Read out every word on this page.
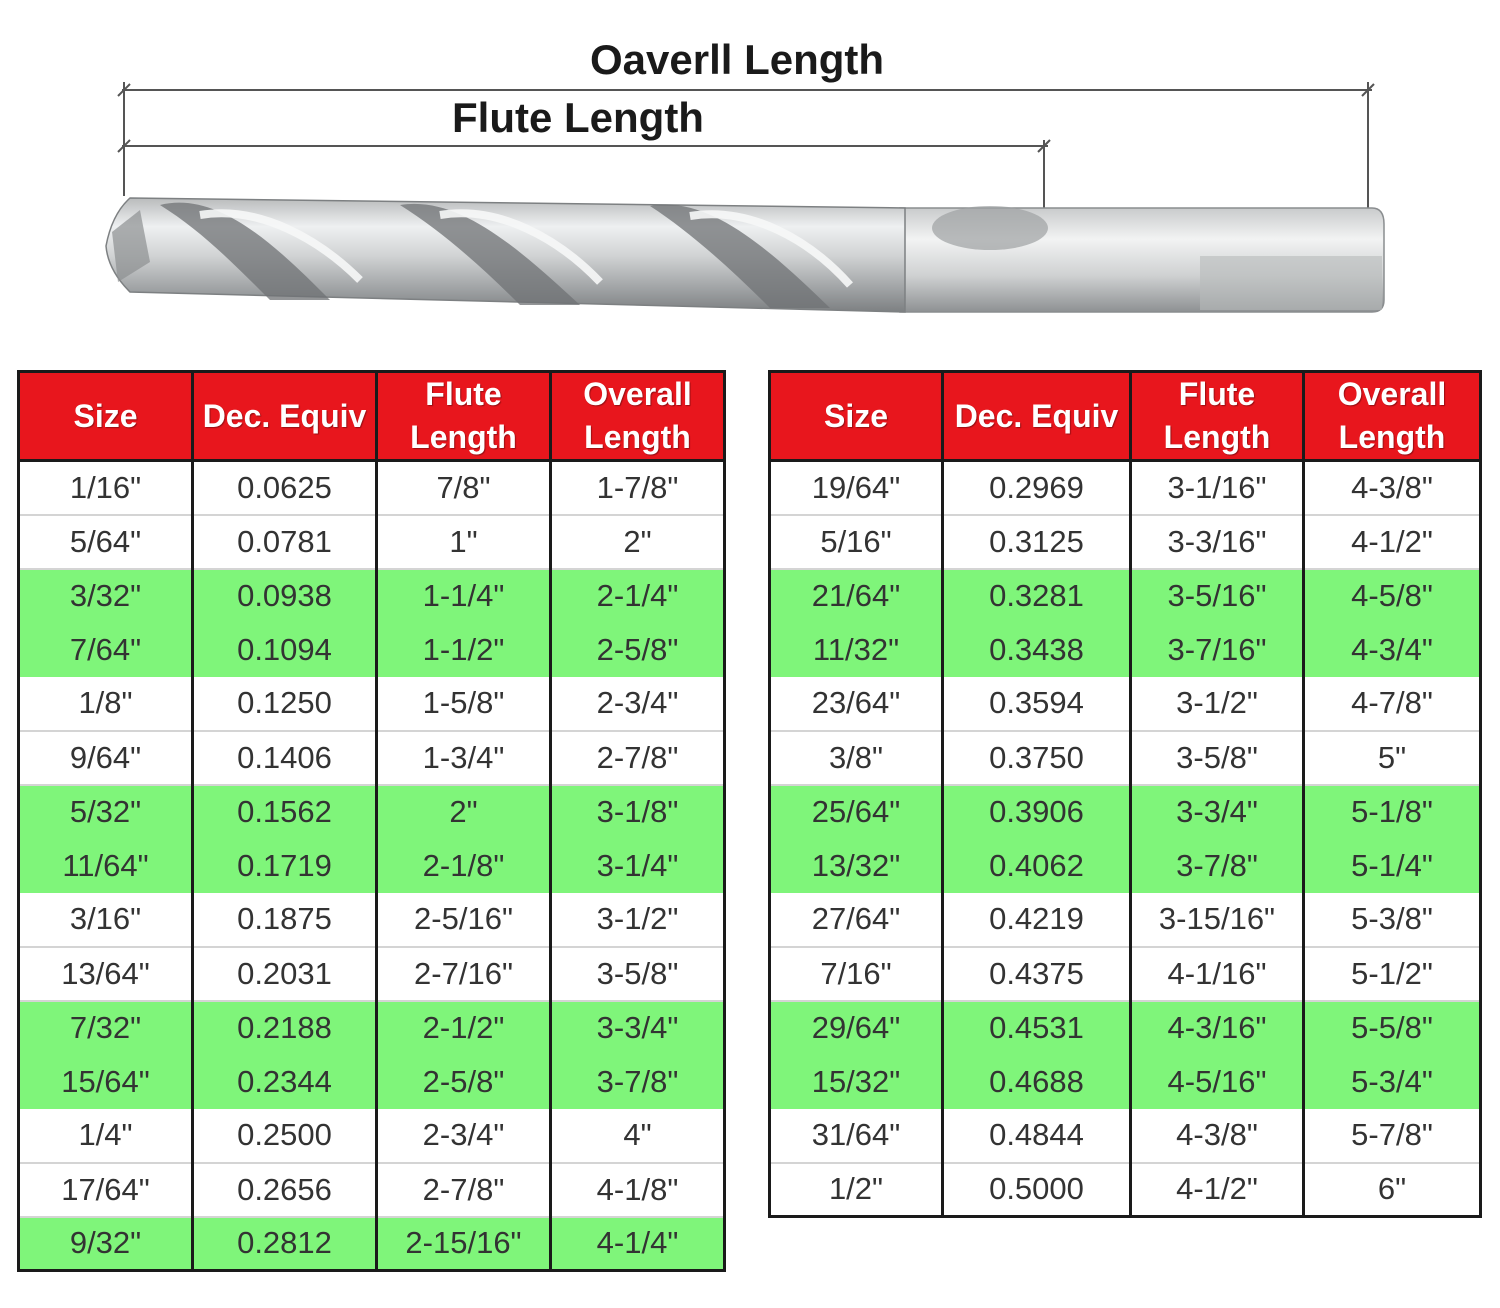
Oaverll Length
Flute Length
Size	Dec. Equiv	Flute Length	Overall Length
1/16"	0.0625	7/8"	1-7/8"
5/64"	0.0781	1"	2"
3/32"	0.0938	1-1/4"	2-1/4"
7/64"	0.1094	1-1/2"	2-5/8"
1/8"	0.1250	1-5/8"	2-3/4"
9/64"	0.1406	1-3/4"	2-7/8"
5/32"	0.1562	2"	3-1/8"
11/64"	0.1719	2-1/8"	3-1/4"
3/16"	0.1875	2-5/16"	3-1/2"
13/64"	0.2031	2-7/16"	3-5/8"
7/32"	0.2188	2-1/2"	3-3/4"
15/64"	0.2344	2-5/8"	3-7/8"
1/4"	0.2500	2-3/4"	4"
17/64"	0.2656	2-7/8"	4-1/8"
9/32"	0.2812	2-15/16"	4-1/4"
Size	Dec. Equiv	Flute Length	Overall Length
19/64"	0.2969	3-1/16"	4-3/8"
5/16"	0.3125	3-3/16"	4-1/2"
21/64"	0.3281	3-5/16"	4-5/8"
11/32"	0.3438	3-7/16"	4-3/4"
23/64"	0.3594	3-1/2"	4-7/8"
3/8"	0.3750	3-5/8"	5"
25/64"	0.3906	3-3/4"	5-1/8"
13/32"	0.4062	3-7/8"	5-1/4"
27/64"	0.4219	3-15/16"	5-3/8"
7/16"	0.4375	4-1/16"	5-1/2"
29/64"	0.4531	4-3/16"	5-5/8"
15/32"	0.4688	4-5/16"	5-3/4"
31/64"	0.4844	4-3/8"	5-7/8"
1/2"	0.5000	4-1/2"	6"
